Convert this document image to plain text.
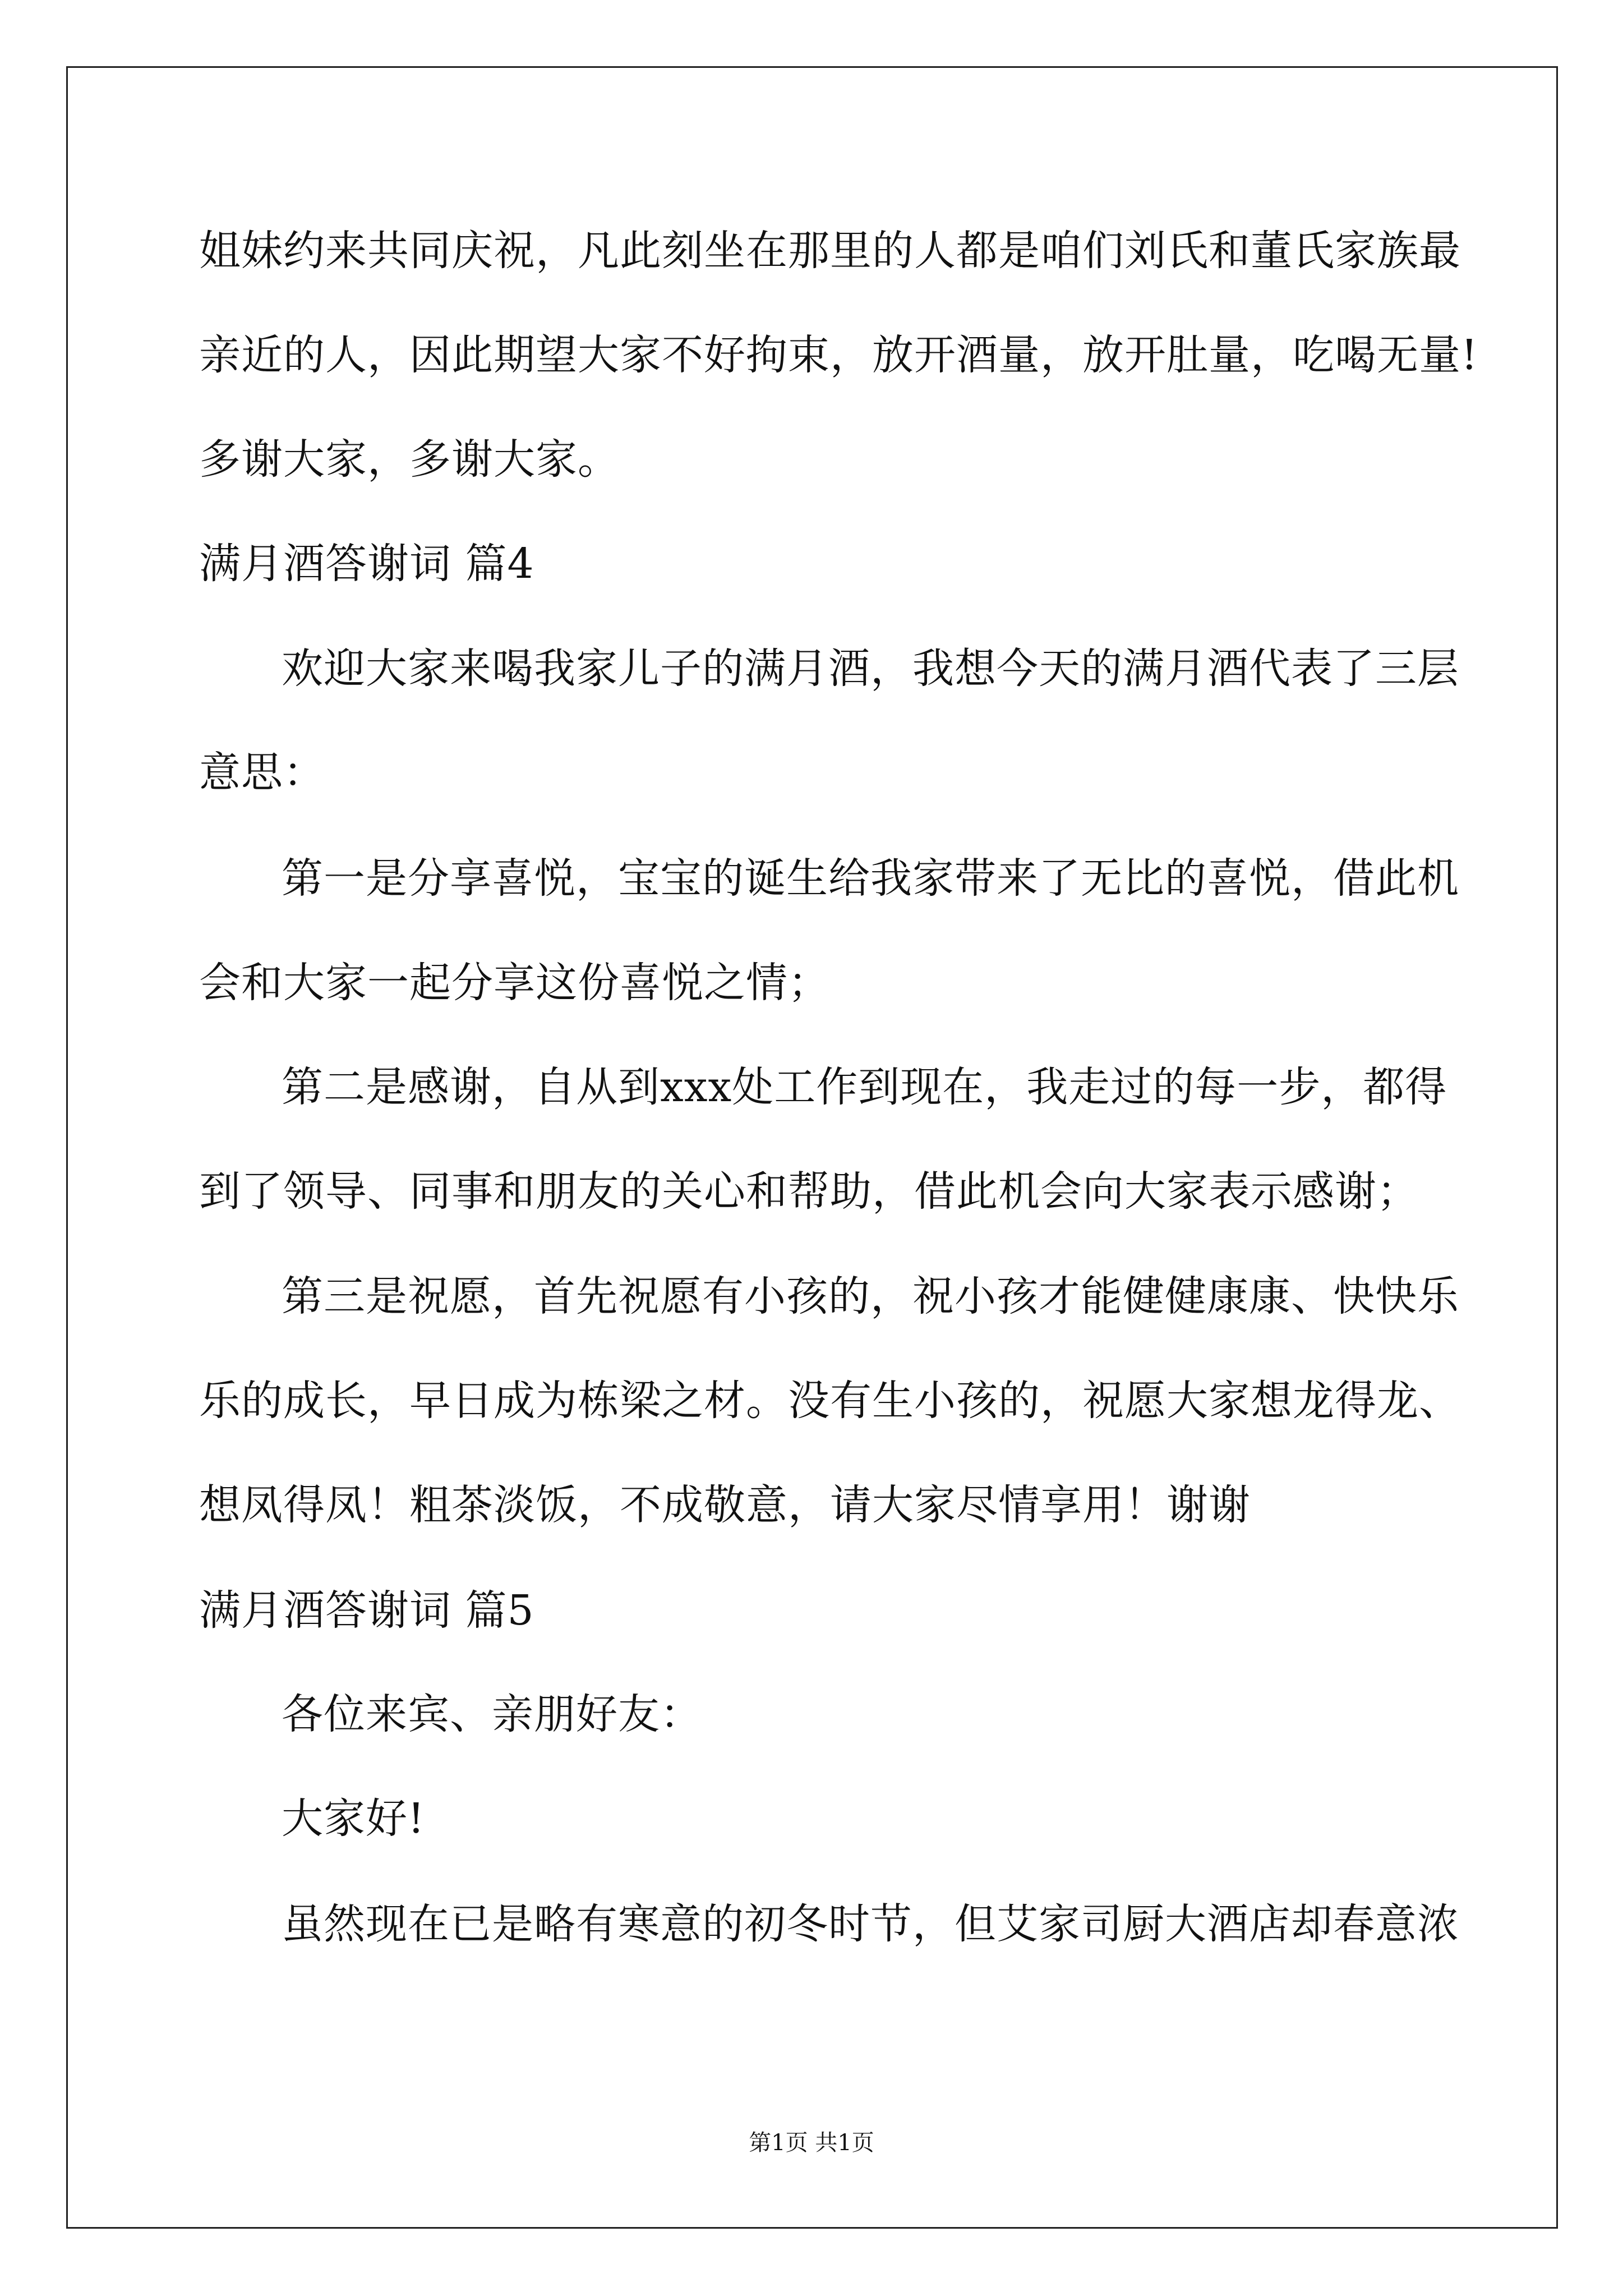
姐妹约来共同庆祝，凡此刻坐在那里的人都是咱们刘氏和董氏家族最
亲近的人，因此期望大家不好拘束，放开酒量，放开肚量，吃喝无量!
多谢大家，多谢大家。
满月酒答谢词 篇4
欢迎大家来喝我家儿子的满月酒，我想今天的满月酒代表了三层
意思：
第一是分享喜悦，宝宝的诞生给我家带来了无比的喜悦，借此机
会和大家一起分享这份喜悦之情；
第二是感谢，自从到xxx处工作到现在，我走过的每一步，都得
到了领导、同事和朋友的关心和帮助，借此机会向大家表示感谢；
第三是祝愿，首先祝愿有小孩的，祝小孩才能健健康康、快快乐
乐的成长，早日成为栋梁之材。没有生小孩的，祝愿大家想龙得龙、
想凤得凤！粗茶淡饭，不成敬意，请大家尽情享用！谢谢
满月酒答谢词 篇5
各位来宾、亲朋好友：
大家好!
虽然现在已是略有寒意的初冬时节，但艾家司厨大酒店却春意浓
第1页 共1页
